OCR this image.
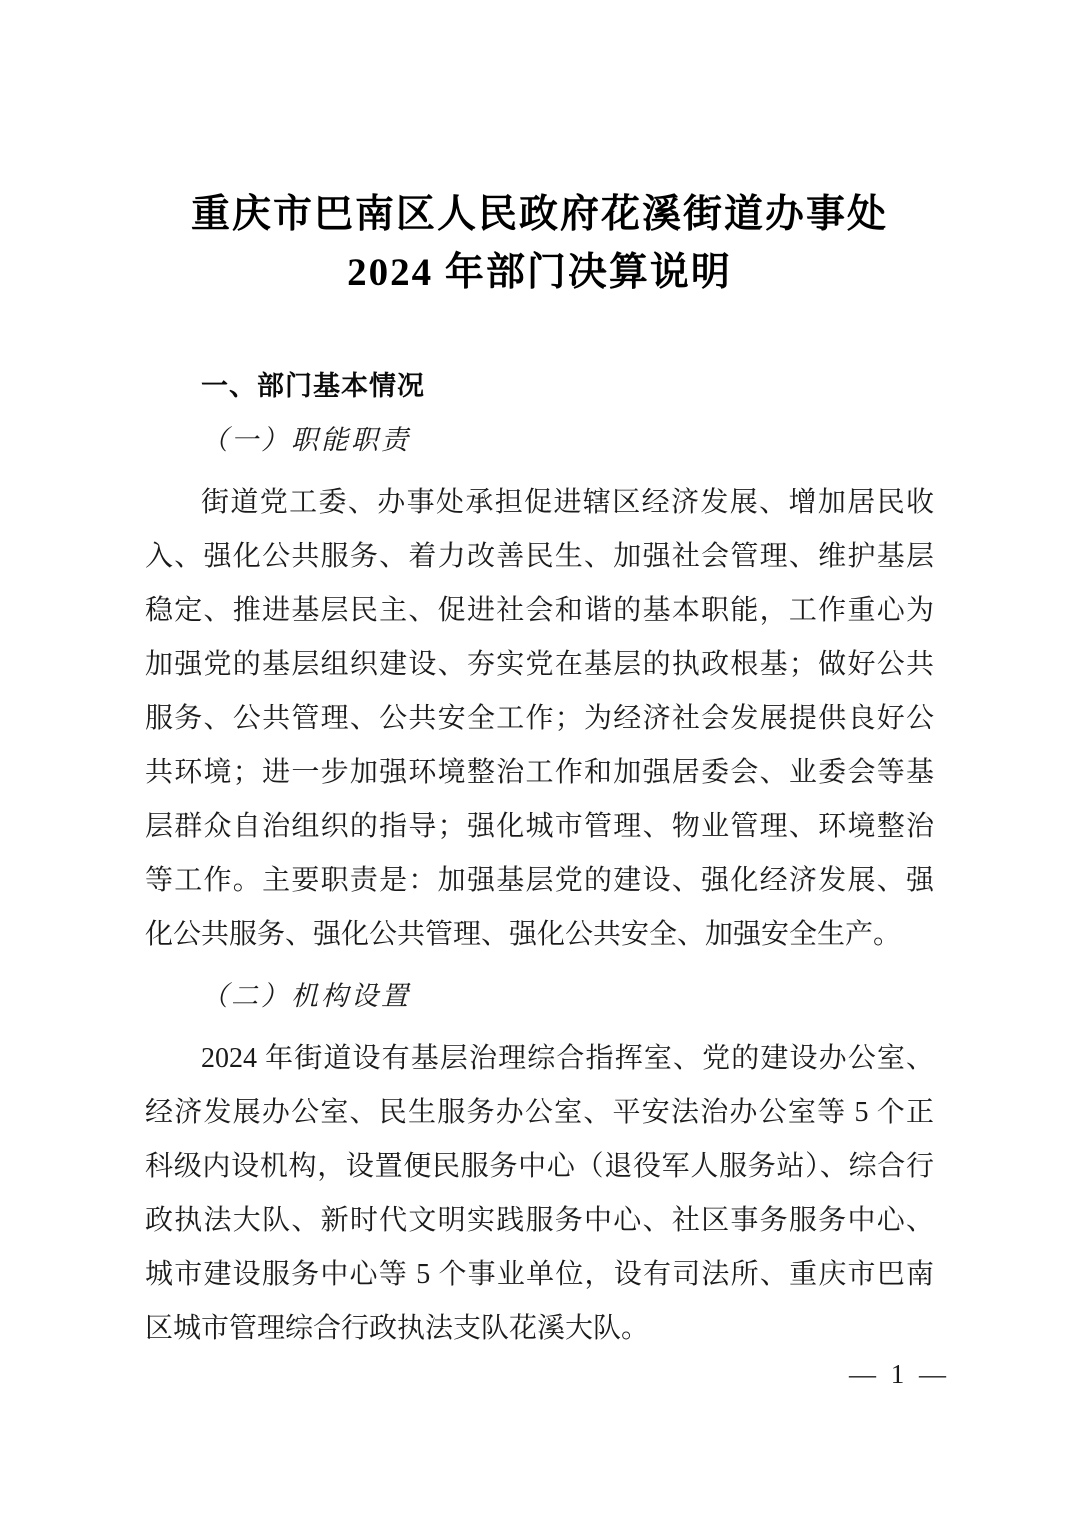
重庆市巴南区人民政府花溪街道办事处
2024 年部门决算说明
一、部门基本情况
（一）职能职责
街道党工委、办事处承担促进辖区经济发展、增加居民收
入、强化公共服务、着力改善民生、加强社会管理、维护基层
稳定、推进基层民主、促进社会和谐的基本职能，工作重心为
加强党的基层组织建设、夯实党在基层的执政根基；做好公共
服务、公共管理、公共安全工作；为经济社会发展提供良好公
共环境；进一步加强环境整治工作和加强居委会、业委会等基
层群众自治组织的指导；强化城市管理、物业管理、环境整治
等工作。主要职责是：加强基层党的建设、强化经济发展、强
化公共服务、强化公共管理、强化公共安全、加强安全生产。
（二）机构设置
2024 年街道设有基层治理综合指挥室、党的建设办公室、
经济发展办公室、民生服务办公室、平安法治办公室等 5 个正
科级内设机构，设置便民服务中心（退役军人服务站）、综合行
政执法大队、新时代文明实践服务中心、社区事务服务中心、
城市建设服务中心等 5 个事业单位，设有司法所、重庆市巴南
区城市管理综合行政执法支队花溪大队。
— 1 —
